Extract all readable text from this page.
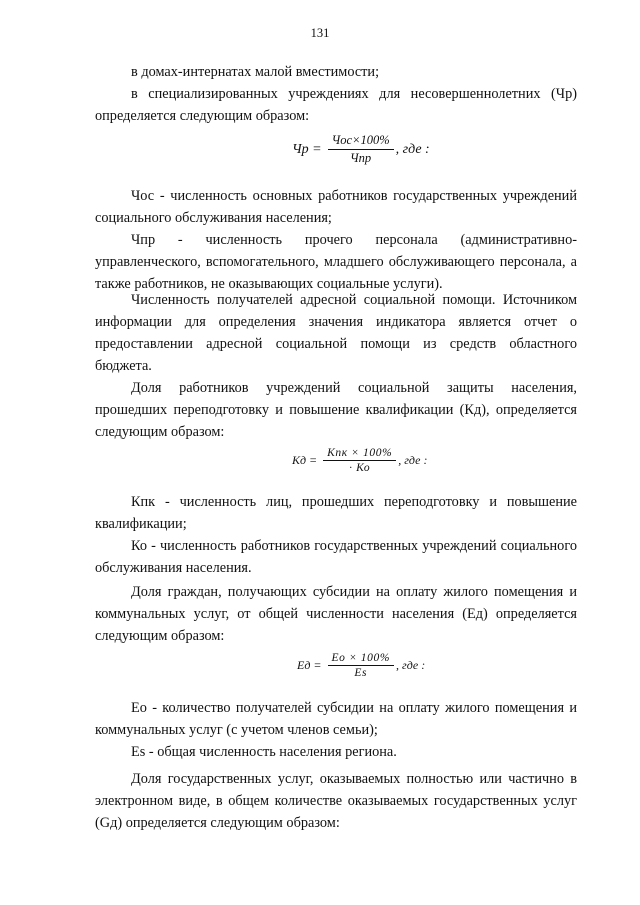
131

в домах-интернатах малой вместимости;

в специализированных учреждениях для несовершеннолетних (Чр) определяется следующим образом:

Чр = $\frac{\text{Чос×100\%}}{\text{Чпр}}$ , где :

Чос - численность основных работников государственных учреждений социального обслуживания населения;

Чпр - численность прочего персонала (административно-управленческого, вспомогательного, младшего обслуживающего персонала, а также работников, не оказывающих социальные услуги).

Численность получателей адресной социальной помощи. Источником информации для определения значения индикатора является отчет о предоставлении адресной социальной помощи из средств областного бюджета.

Доля работников учреждений социальной защиты населения, прошедших переподготовку и повышение квалификации (Кд), определяется следующим образом:

Кд = $\frac{\text{Кпк × 100\%}}{\cdot Ко}$ , где :

Кпк - численность лиц, прошедших переподготовку и повышение квалификации;

Ко - численность работников государственных учреждений социального обслуживания населения.

Доля граждан, получающих субсидии на оплату жилого помещения и коммунальных услуг, от общей численности населения (Ед) определяется следующим образом:

Ед = $\frac{Ео \times 100\%}{Es}$ , где :

Ео - количество получателей субсидии на оплату жилого помещения и коммунальных услуг (с учетом членов семьи);

Es - общая численность населения региона.

Доля государственных услуг, оказываемых полностью или частично в электронном виде, в общем количестве оказываемых государственных услуг (Gд) определяется следующим образом:
